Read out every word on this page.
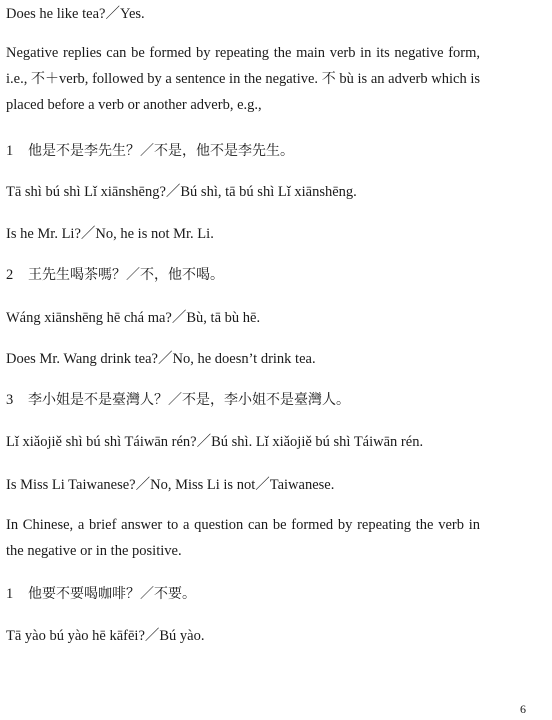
Does he like tea?／Yes.
Negative replies can be formed by repeating the main verb in its negative form, i.e., 不＋verb, followed by a sentence in the negative. 不 bù is an adverb which is placed before a verb or another adverb, e.g.,
1 他是不是李先生？／不是，他不是李先生。
Tā shì bú shì Lǐ xiānshēng?／Bú shì, tā bú shì Lǐ xiānshēng.
Is he Mr. Li?／No, he is not Mr. Li.
2 王先生喝茶嗎？／不，他不喝。
Wáng xiānshēng hē chá ma?／Bù, tā bù hē.
Does Mr. Wang drink tea?／No, he doesn’t drink tea.
3 李小姐是不是臺灣人？／不是，李小姐不是臺灣人。
Lǐ xiǎojiě shì bú shì Táiwān rén?／Bú shì. Lǐ xiǎojiě bú shì Táiwān rén.
Is Miss Li Taiwanese?／No, Miss Li is not／Taiwanese.
In Chinese, a brief answer to a question can be formed by repeating the verb in the negative or in the positive.
1 他要不要喝咖啡？／不要。
Tā yào bú yào hē kāfēi?／Bú yào.
6
